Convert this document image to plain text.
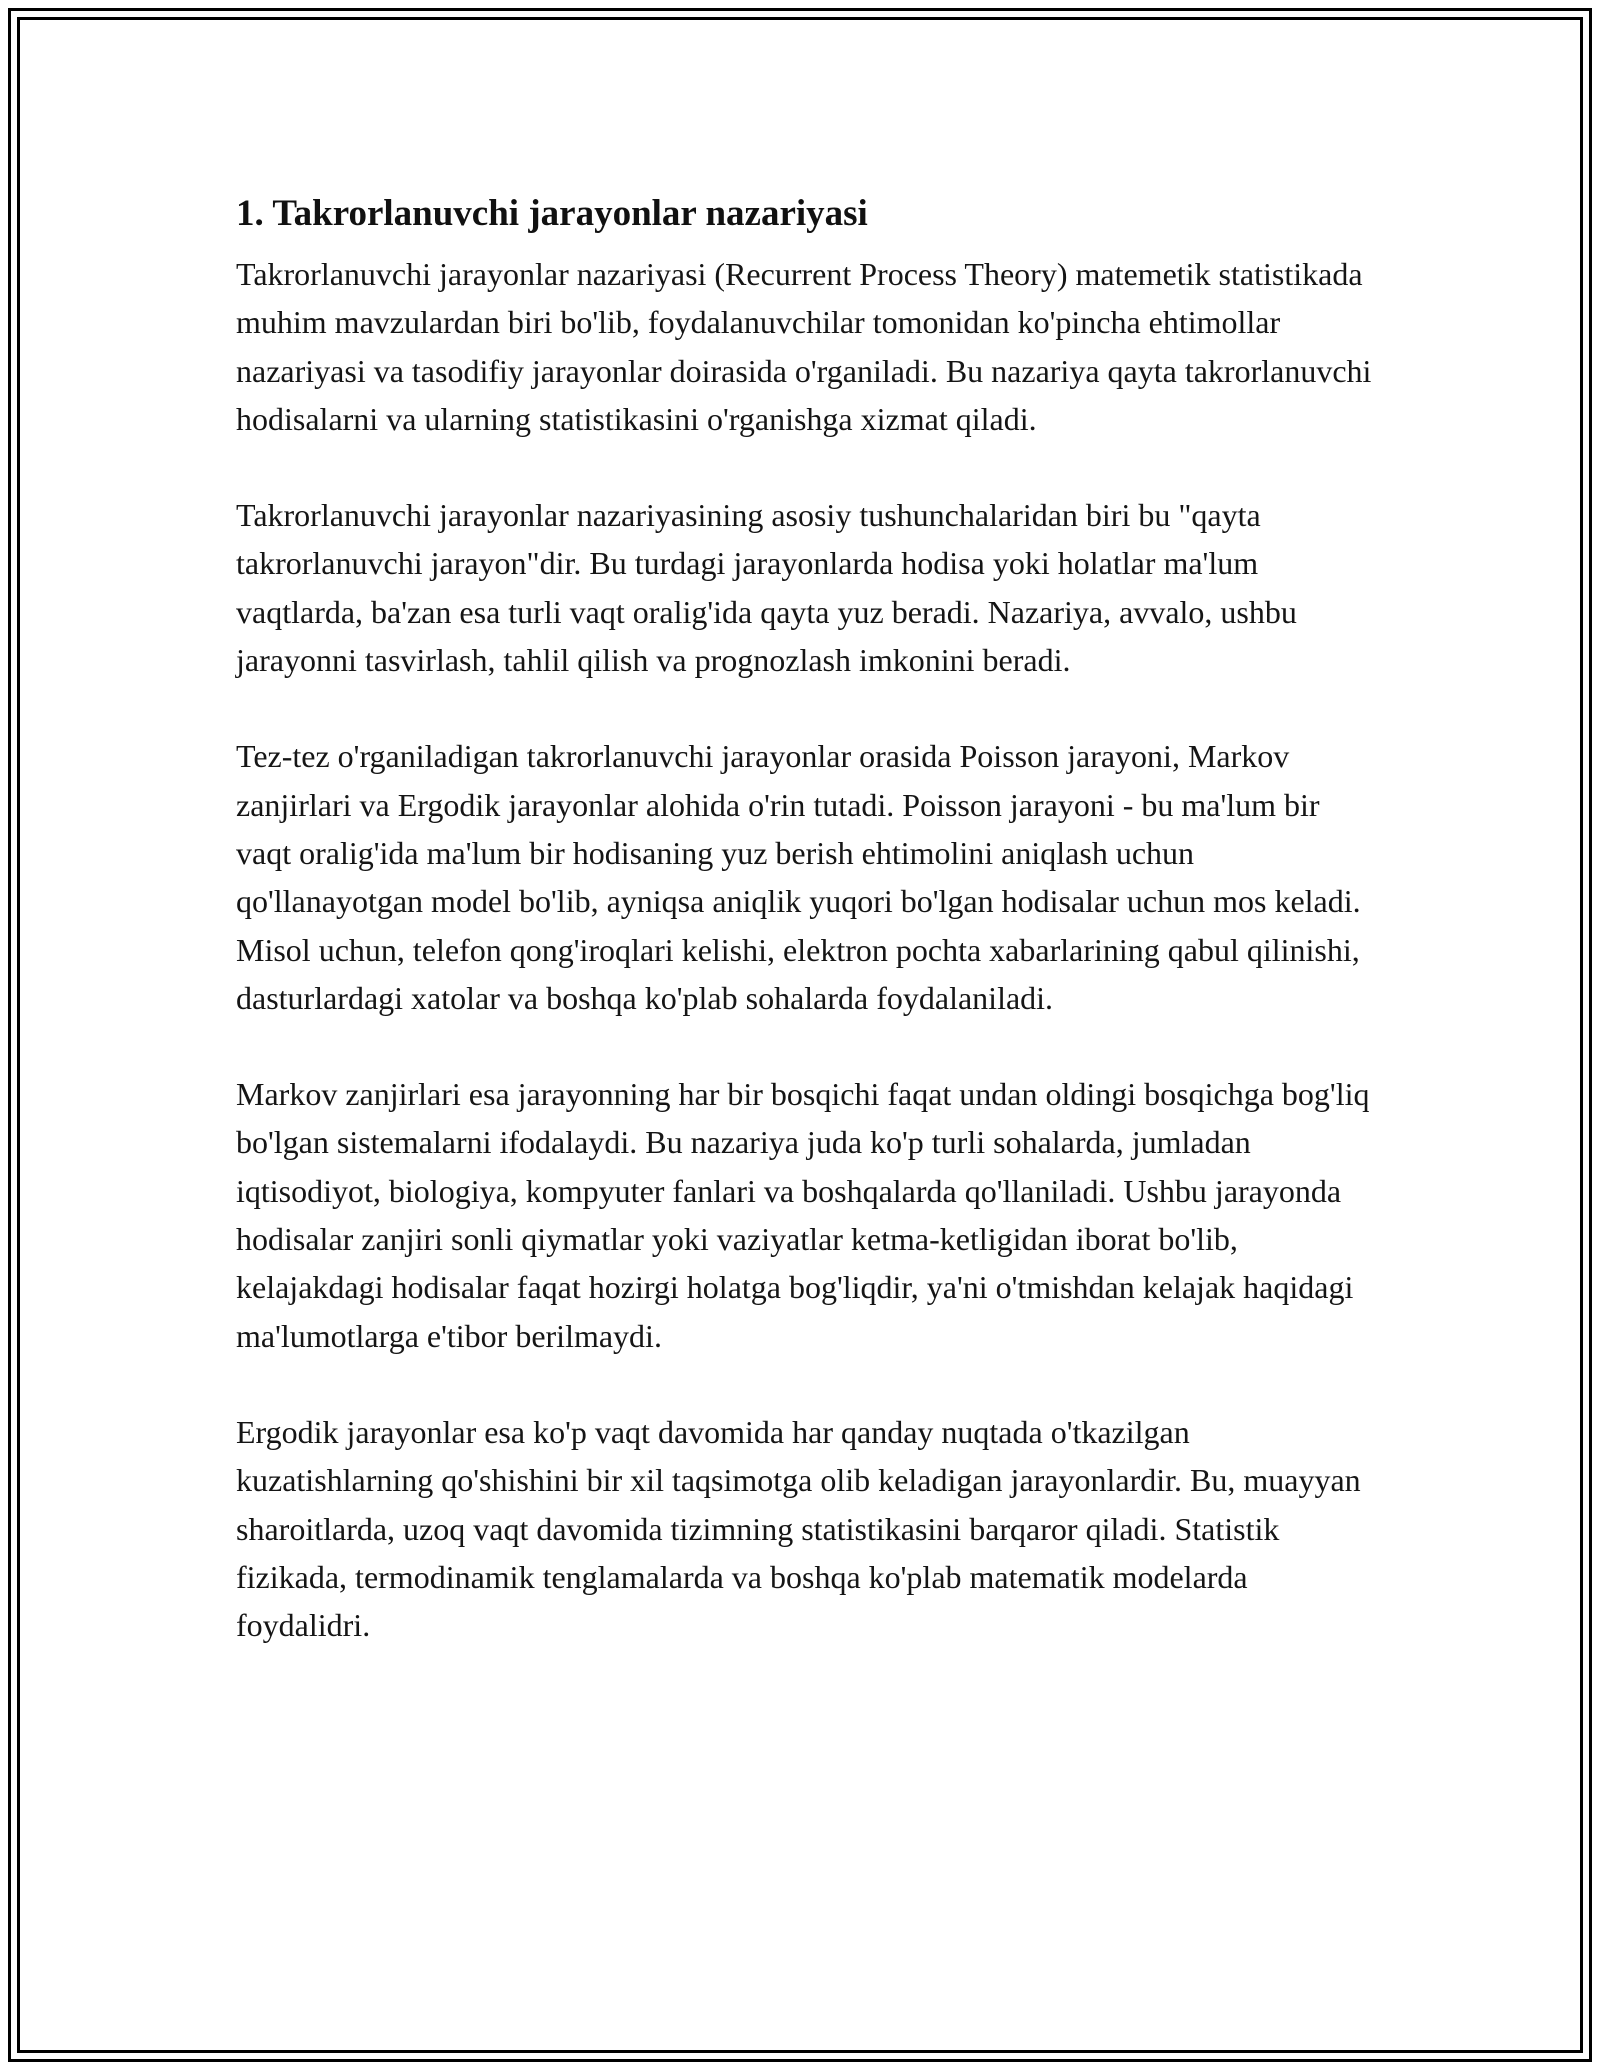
1. Takrorlanuvchi jarayonlar nazariyasi

Takrorlanuvchi jarayonlar nazariyasi (Recurrent Process Theory) matemetik statistikada muhim mavzulardan biri bo'lib, foydalanuvchilar tomonidan ko'pincha ehtimollar nazariyasi va tasodifiy jarayonlar doirasida o'rganiladi. Bu nazariya qayta takrorlanuvchi hodisalarni va ularning statistikasini o'rganishga xizmat qiladi.

Takrorlanuvchi jarayonlar nazariyasining asosiy tushunchalaridan biri bu "qayta takrorlanuvchi jarayon"dir. Bu turdagi jarayonlarda hodisa yoki holatlar ma'lum vaqtlarda, ba'zan esa turli vaqt oralig'ida qayta yuz beradi. Nazariya, avvalo, ushbu jarayonni tasvirlash, tahlil qilish va prognozlash imkonini beradi.

Tez-tez o'rganiladigan takrorlanuvchi jarayonlar orasida Poisson jarayoni, Markov zanjirlari va Ergodik jarayonlar alohida o'rin tutadi. Poisson jarayoni - bu ma'lum bir vaqt oralig'ida ma'lum bir hodisaning yuz berish ehtimolini aniqlash uchun qo'llanayotgan model bo'lib, ayniqsa aniqlik yuqori bo'lgan hodisalar uchun mos keladi. Misol uchun, telefon qong'iroqlari kelishi, elektron pochta xabarlarining qabul qilinishi, dasturlardagi xatolar va boshqa ko'plab sohalarda foydalaniladi.

Markov zanjirlari esa jarayonning har bir bosqichi faqat undan oldingi bosqichga bog'liq bo'lgan sistemalarni ifodalaydi. Bu nazariya juda ko'p turli sohalarda, jumladan iqtisodiyot, biologiya, kompyuter fanlari va boshqalarda qo'llaniladi. Ushbu jarayonda hodisalar zanjiri sonli qiymatlar yoki vaziyatlar ketma-ketligidan iborat bo'lib, kelajakdagi hodisalar faqat hozirgi holatga bog'liqdir, ya'ni o'tmishdan kelajak haqidagi ma'lumotlarga e'tibor berilmaydi.

Ergodik jarayonlar esa ko'p vaqt davomida har qanday nuqtada o'tkazilgan kuzatishlarning qo'shishini bir xil taqsimotga olib keladigan jarayonlardir. Bu, muayyan sharoitlarda, uzoq vaqt davomida tizimning statistikasini barqaror qiladi. Statistik fizikada, termodinamik tenglamalarda va boshqa ko'plab matematik modelarda foydalidri.
